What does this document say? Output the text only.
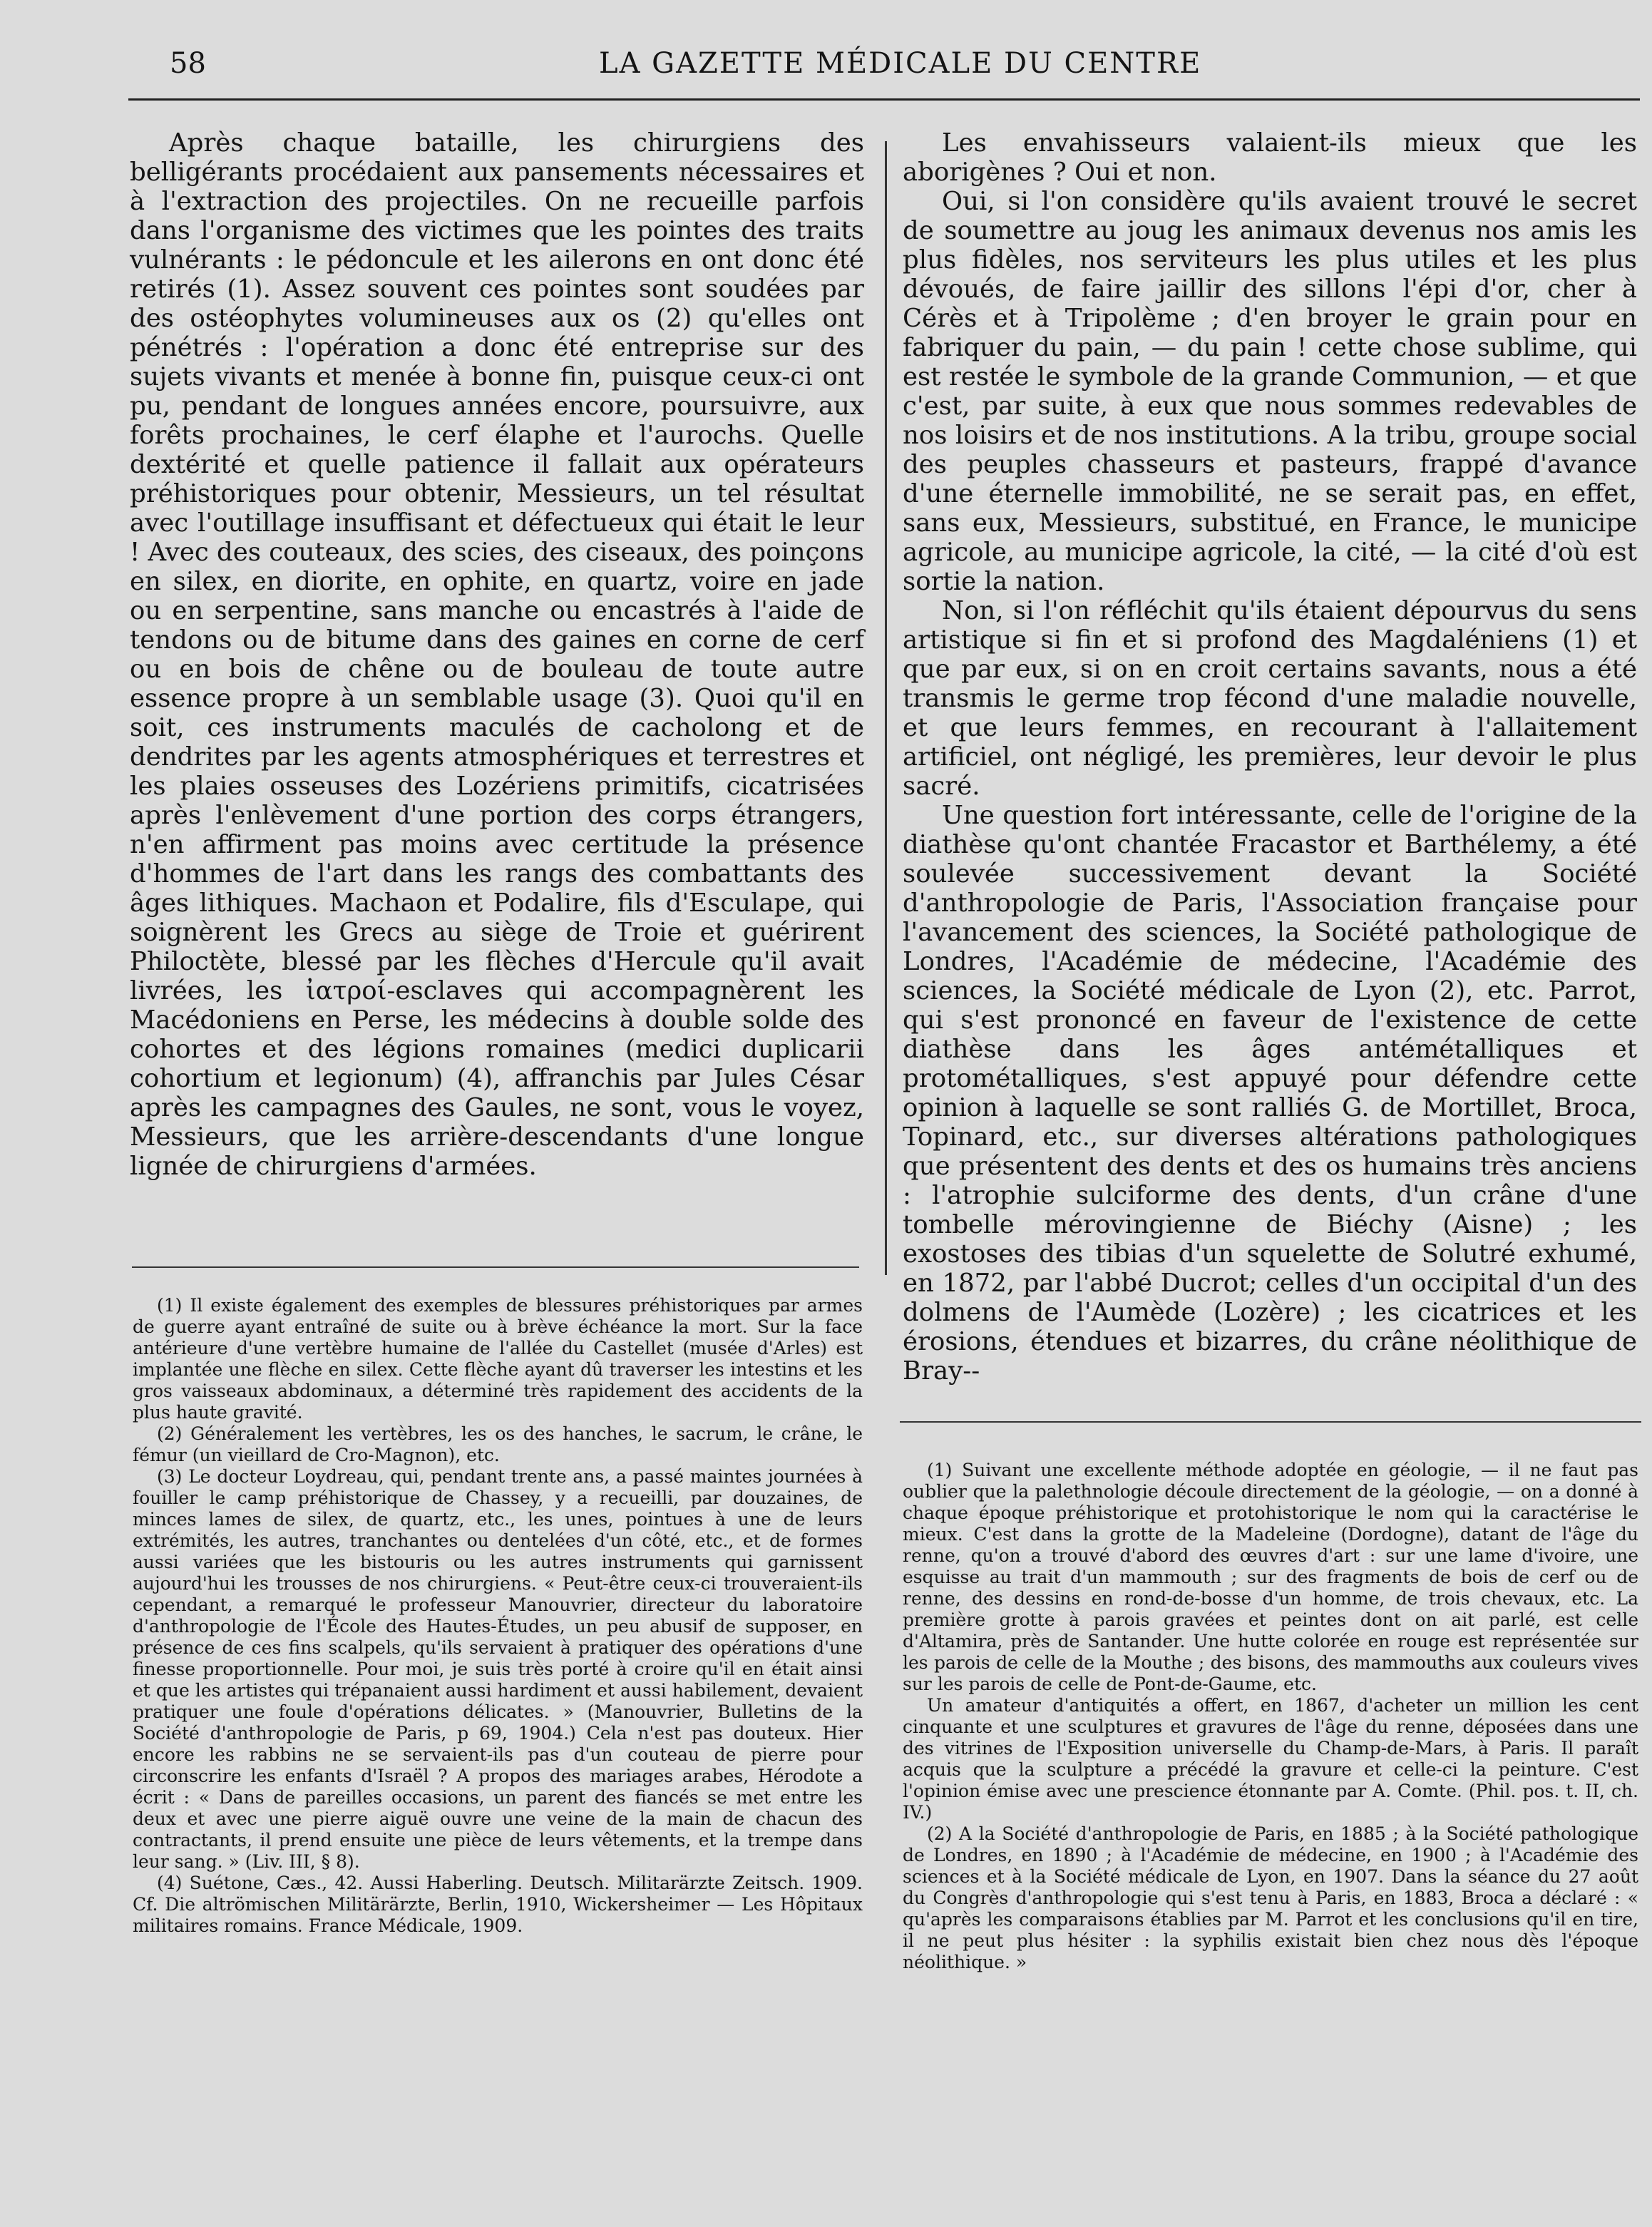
58	LA GAZETTE MÉDICALE DU CENTRE

Après chaque bataille, les chirurgiens des belligérants procédaient aux pansements nécessaires et à l'extraction des projectiles. On ne recueille parfois dans l'organisme des victimes que les pointes des traits vulnérants : le pédoncule et les ailerons en ont donc été retirés (1). Assez souvent ces pointes sont soudées par des ostéophytes volumineuses aux os (2) qu'elles ont pénétrés : l'opération a donc été entreprise sur des sujets vivants et menée à bonne fin, puisque ceux-ci ont pu, pendant de longues années encore, poursuivre, aux forêts prochaines, le cerf élaphe et l'aurochs. Quelle dextérité et quelle patience il fallait aux opérateurs préhistoriques pour obtenir, Messieurs, un tel résultat avec l'outillage insuffisant et défectueux qui était le leur ! Avec des couteaux, des scies, des ciseaux, des poinçons en silex, en diorite, en ophite, en quartz, voire en jade ou en serpentine, sans manche ou encastrés à l'aide de tendons ou de bitume dans des gaines en corne de cerf ou en bois de chêne ou de bouleau de toute autre essence propre à un semblable usage (3). Quoi qu'il en soit, ces instruments maculés de cacholong et de dendrites par les agents atmosphériques et terrestres et les plaies osseuses des Lozériens primitifs, cicatrisées après l'enlèvement d'une portion des corps étrangers, n'en affirment pas moins avec certitude la présence d'hommes de l'art dans les rangs des combattants des âges lithiques. Machaon et Podalire, fils d'Esculape, qui soignèrent les Grecs au siège de Troie et guérirent Philoctète, blessé par les flèches d'Hercule qu'il avait livrées, les ἰατροί-esclaves qui accompagnèrent les Macédoniens en Perse, les médecins à double solde des cohortes et des légions romaines (medici duplicarii cohortium et legionum) (4), affranchis par Jules César après les campagnes des Gaules, ne sont, vous le voyez, Messieurs, que les arrière-descendants d'une longue lignée de chirurgiens d'armées.

Les envahisseurs valaient-ils mieux que les aborigènes ? Oui et non.

Oui, si l'on considère qu'ils avaient trouvé le secret de soumettre au joug les animaux devenus nos amis les plus fidèles, nos serviteurs les plus utiles et les plus dévoués, de faire jaillir des sillons l'épi d'or, cher à Cérès et à Tripolème ; d'en broyer le grain pour en fabriquer du pain, — du pain ! cette chose sublime, qui est restée le symbole de la grande Communion, — et que c'est, par suite, à eux que nous sommes redevables de nos loisirs et de nos institutions. A la tribu, groupe social des peuples chasseurs et pasteurs, frappé d'avance d'une éternelle immobilité, ne se serait pas, en effet, sans eux, Messieurs, substitué, en France, le municipe agricole, au municipe agricole, la cité, — la cité d'où est sortie la nation.

Non, si l'on réfléchit qu'ils étaient dépourvus du sens artistique si fin et si profond des Magdaléniens (1) et que par eux, si on en croit certains savants, nous a été transmis le germe trop fécond d'une maladie nouvelle, et que leurs femmes, en recourant à l'allaitement artificiel, ont négligé, les premières, leur devoir le plus sacré.

Une question fort intéressante, celle de l'origine de la diathèse qu'ont chantée Fracastor et Barthélemy, a été soulevée successivement devant la Société d'anthropologie de Paris, l'Association française pour l'avancement des sciences, la Société pathologique de Londres, l'Académie de médecine, l'Académie des sciences, la Société médicale de Lyon (2), etc. Parrot, qui s'est prononcé en faveur de l'existence de cette diathèse dans les âges antémétalliques et protométalliques, s'est appuyé pour défendre cette opinion à laquelle se sont ralliés G. de Mortillet, Broca, Topinard, etc., sur diverses altérations pathologiques que présentent des dents et des os humains très anciens : l'atrophie sulciforme des dents, d'un crâne d'une tombelle mérovingienne de Biéchy (Aisne) ; les exostoses des tibias d'un squelette de Solutré exhumé, en 1872, par l'abbé Ducrot; celles d'un occipital d'un des dolmens de l'Aumède (Lozère) ; les cicatrices et les érosions, étendues et bizarres, du crâne néolithique de Bray--

(1) Il existe également des exemples de blessures préhistoriques par armes de guerre ayant entraîné de suite ou à brève échéance la mort. Sur la face antérieure d'une vertèbre humaine de l'allée du Castellet (musée d'Arles) est implantée une flèche en silex. Cette flèche ayant dû traverser les intestins et les gros vaisseaux abdominaux, a déterminé très rapidement des accidents de la plus haute gravité.

(2) Généralement les vertèbres, les os des hanches, le sacrum, le crâne, le fémur (un vieillard de Cro-Magnon), etc.

(3) Le docteur Loydreau, qui, pendant trente ans, a passé maintes journées à fouiller le camp préhistorique de Chassey, y a recueilli, par douzaines, de minces lames de silex, de quartz, etc., les unes, pointues à une de leurs extrémités, les autres, tranchantes ou dentelées d'un côté, etc., et de formes aussi variées que les bistouris ou les autres instruments qui garnissent aujourd'hui les trousses de nos chirurgiens. « Peut-être ceux-ci trouveraient-ils cependant, a remarqué le professeur Manouvrier, directeur du laboratoire d'anthropologie de l'École des Hautes-Études, un peu abusif de supposer, en présence de ces fins scalpels, qu'ils servaient à pratiquer des opérations d'une finesse proportionnelle. Pour moi, je suis très porté à croire qu'il en était ainsi et que les artistes qui trépanaient aussi hardiment et aussi habilement, devaient pratiquer une foule d'opérations délicates. » (Manouvrier, Bulletins de la Société d'anthropologie de Paris, p 69, 1904.) Cela n'est pas douteux. Hier encore les rabbins ne se servaient-ils pas d'un couteau de pierre pour circonscrire les enfants d'Israël ? A propos des mariages arabes, Hérodote a écrit : « Dans de pareilles occasions, un parent des fiancés se met entre les deux et avec une pierre aiguë ouvre une veine de la main de chacun des contractants, il prend ensuite une pièce de leurs vêtements, et la trempe dans leur sang. » (Liv. III, § 8).

(4) Suétone, Cæs., 42. Aussi Haberling. Deutsch. Militarärzte Zeitsch. 1909. Cf. Die altrömischen Militärärzte, Berlin, 1910, Wickersheimer — Les Hôpitaux militaires romains. France Médicale, 1909.

(1) Suivant une excellente méthode adoptée en géologie, — il ne faut pas oublier que la palethnologie découle directement de la géologie, — on a donné à chaque époque préhistorique et protohistorique le nom qui la caractérise le mieux. C'est dans la grotte de la Madeleine (Dordogne), datant de l'âge du renne, qu'on a trouvé d'abord des œuvres d'art : sur une lame d'ivoire, une esquisse au trait d'un mammouth ; sur des fragments de bois de cerf ou de renne, des dessins en rond-de-bosse d'un homme, de trois chevaux, etc. La première grotte à parois gravées et peintes dont on ait parlé, est celle d'Altamira, près de Santander. Une hutte colorée en rouge est représentée sur les parois de celle de la Mouthe ; des bisons, des mammouths aux couleurs vives sur les parois de celle de Pont-de-Gaume, etc.

Un amateur d'antiquités a offert, en 1867, d'acheter un million les cent cinquante et une sculptures et gravures de l'âge du renne, déposées dans une des vitrines de l'Exposition universelle du Champ-de-Mars, à Paris. Il paraît acquis que la sculpture a précédé la gravure et celle-ci la peinture. C'est l'opinion émise avec une prescience étonnante par A. Comte. (Phil. pos. t. II, ch. IV.)

(2) A la Société d'anthropologie de Paris, en 1885 ; à la Société pathologique de Londres, en 1890 ; à l'Académie de médecine, en 1900 ; à l'Académie des sciences et à la Société médicale de Lyon, en 1907. Dans la séance du 27 août du Congrès d'anthropologie qui s'est tenu à Paris, en 1883, Broca a déclaré : « qu'après les comparaisons établies par M. Parrot et les conclusions qu'il en tire, il ne peut plus hésiter : la syphilis existait bien chez nous dès l'époque néolithique. »
